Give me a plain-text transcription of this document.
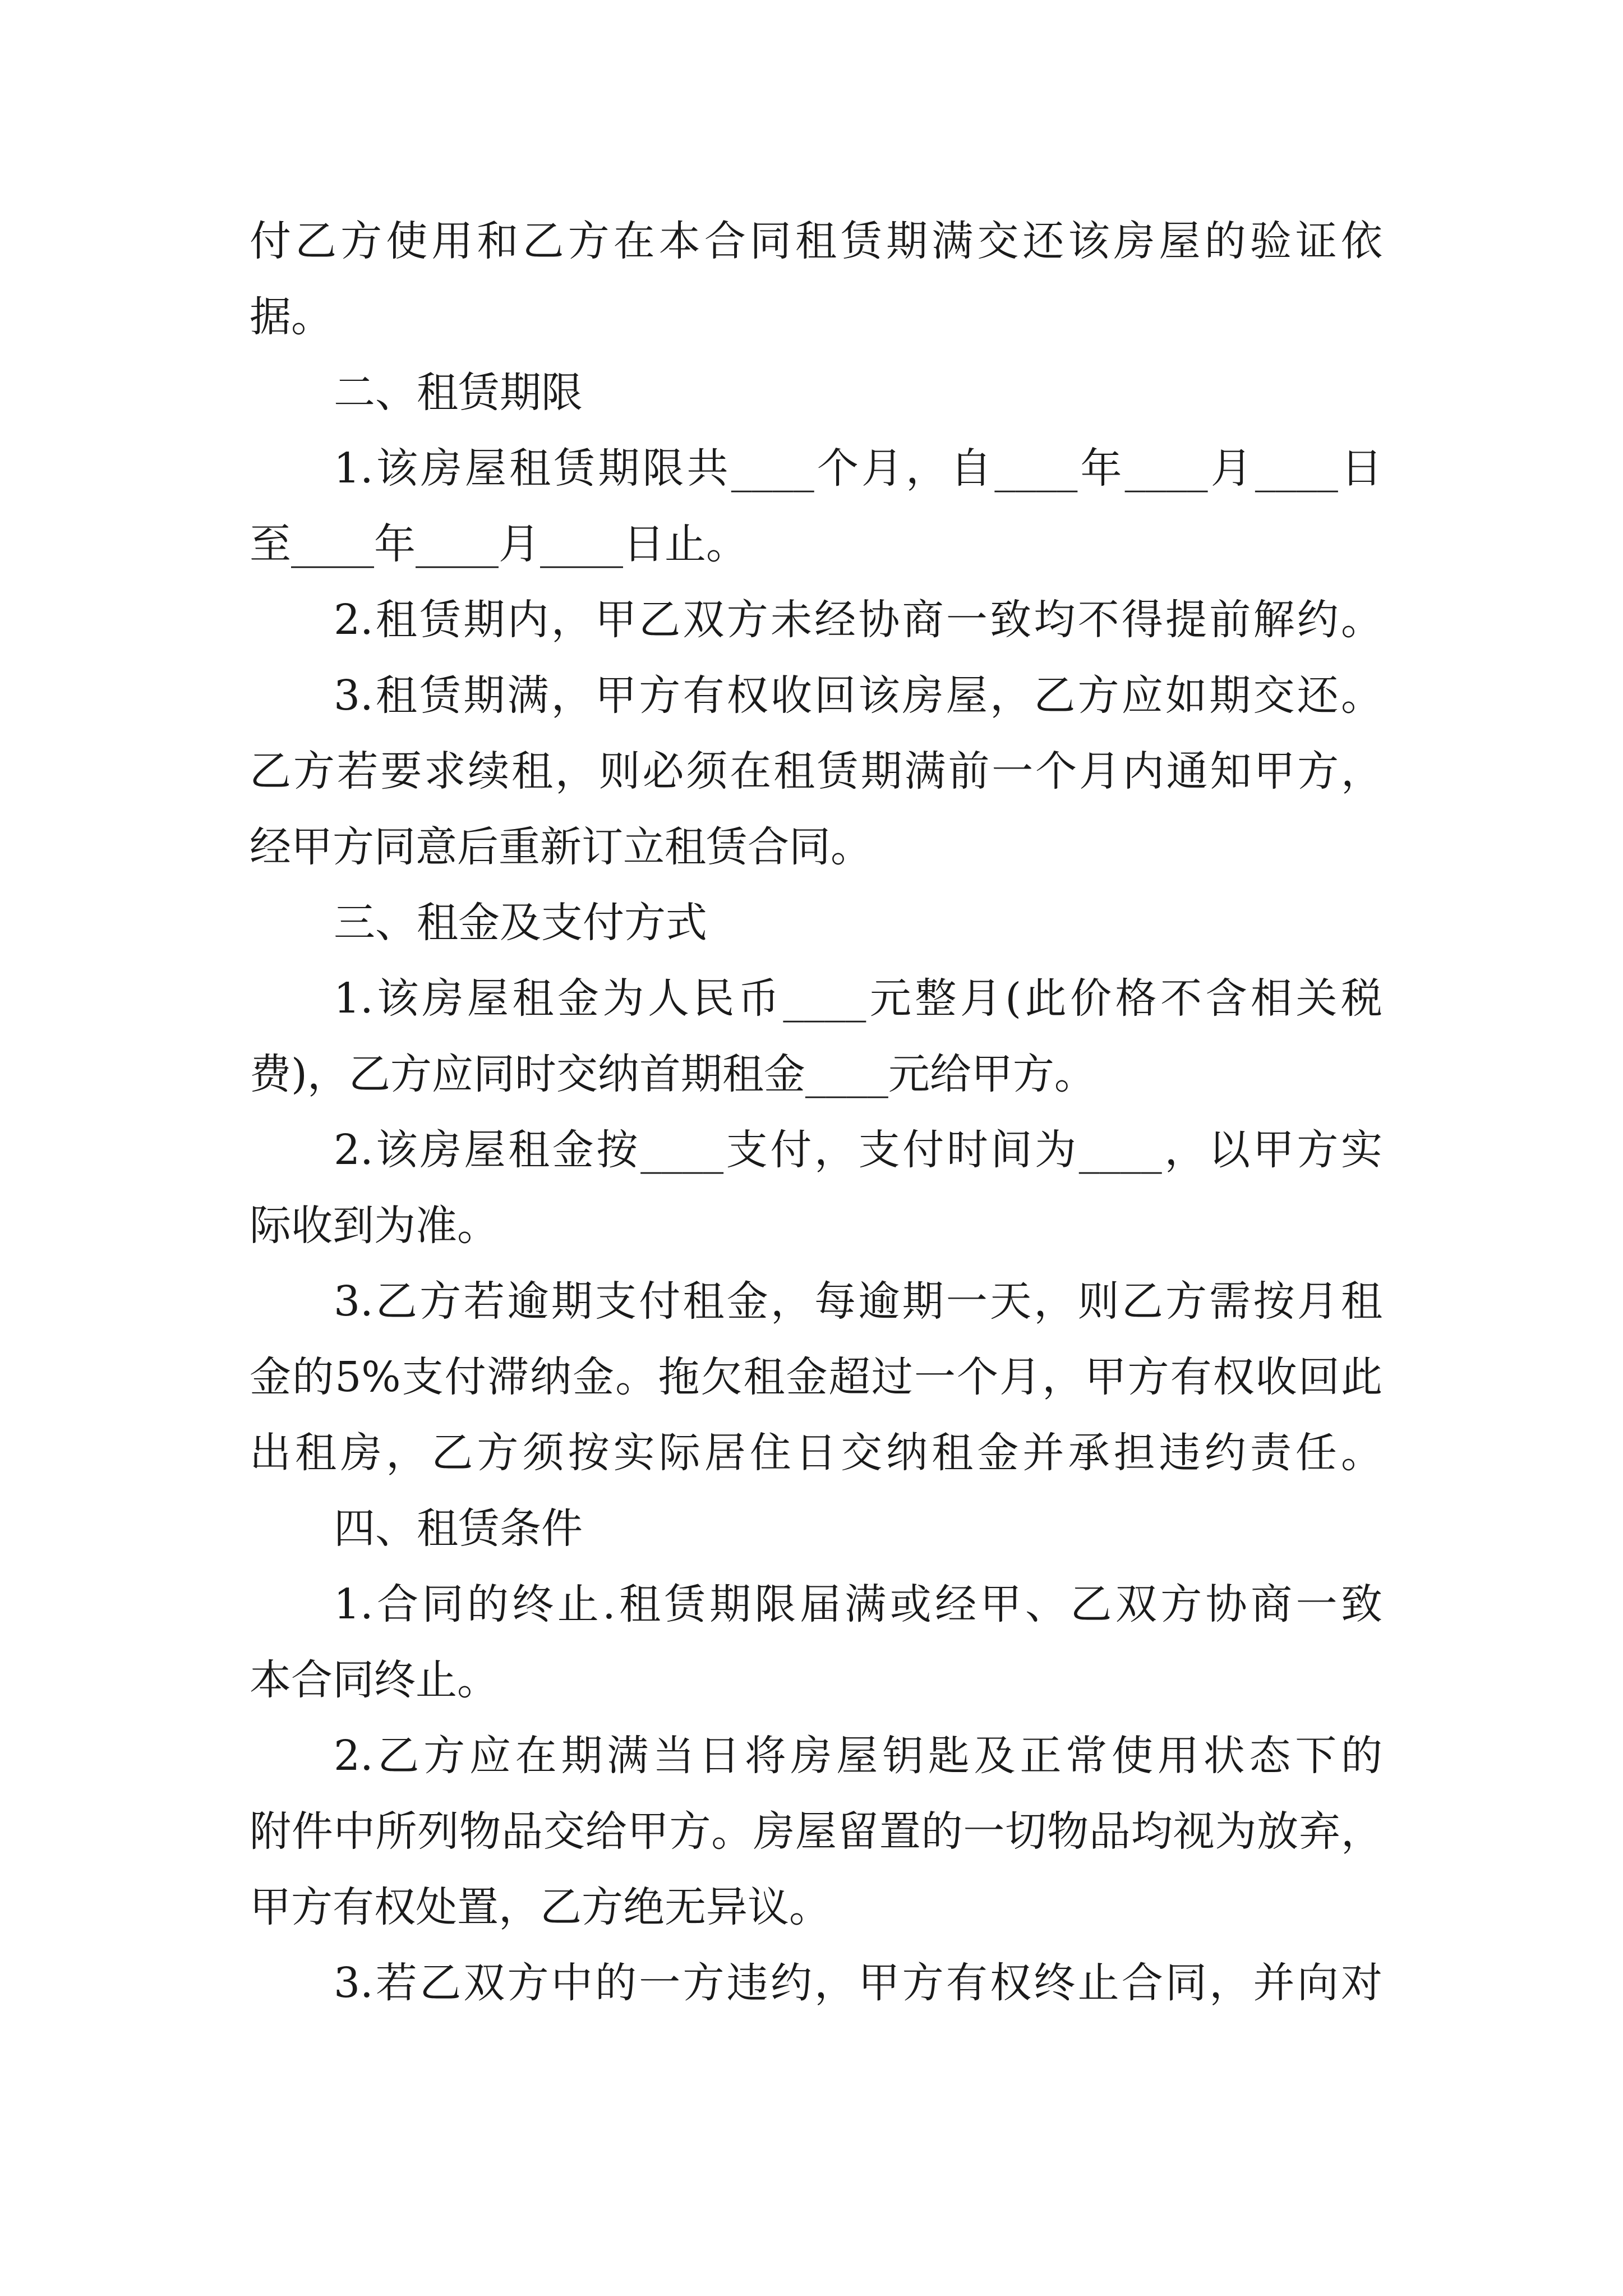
付乙方使用和乙方在本合同租赁期满交还该房屋的验证依
据。
二、租赁期限
1.该房屋租赁期限共____个月，自____年____月____日
至____年____月____日止。
2.租赁期内，甲乙双方未经协商一致均不得提前解约。
3.租赁期满，甲方有权收回该房屋，乙方应如期交还。
乙方若要求续租，则必须在租赁期满前一个月内通知甲方，
经甲方同意后重新订立租赁合同。
三、租金及支付方式
1.该房屋租金为人民币____元整月(此价格不含相关税
费)，乙方应同时交纳首期租金____元给甲方。
2.该房屋租金按____支付，支付时间为____，以甲方实
际收到为准。
3.乙方若逾期支付租金，每逾期一天，则乙方需按月租
金的5%支付滞纳金。拖欠租金超过一个月，甲方有权收回此
出租房，乙方须按实际居住日交纳租金并承担违约责任。
四、租赁条件
1.合同的终止.租赁期限届满或经甲、乙双方协商一致
本合同终止。
2.乙方应在期满当日将房屋钥匙及正常使用状态下的
附件中所列物品交给甲方。房屋留置的一切物品均视为放弃，
甲方有权处置，乙方绝无异议。
3.若乙双方中的一方违约，甲方有权终止合同，并向对
